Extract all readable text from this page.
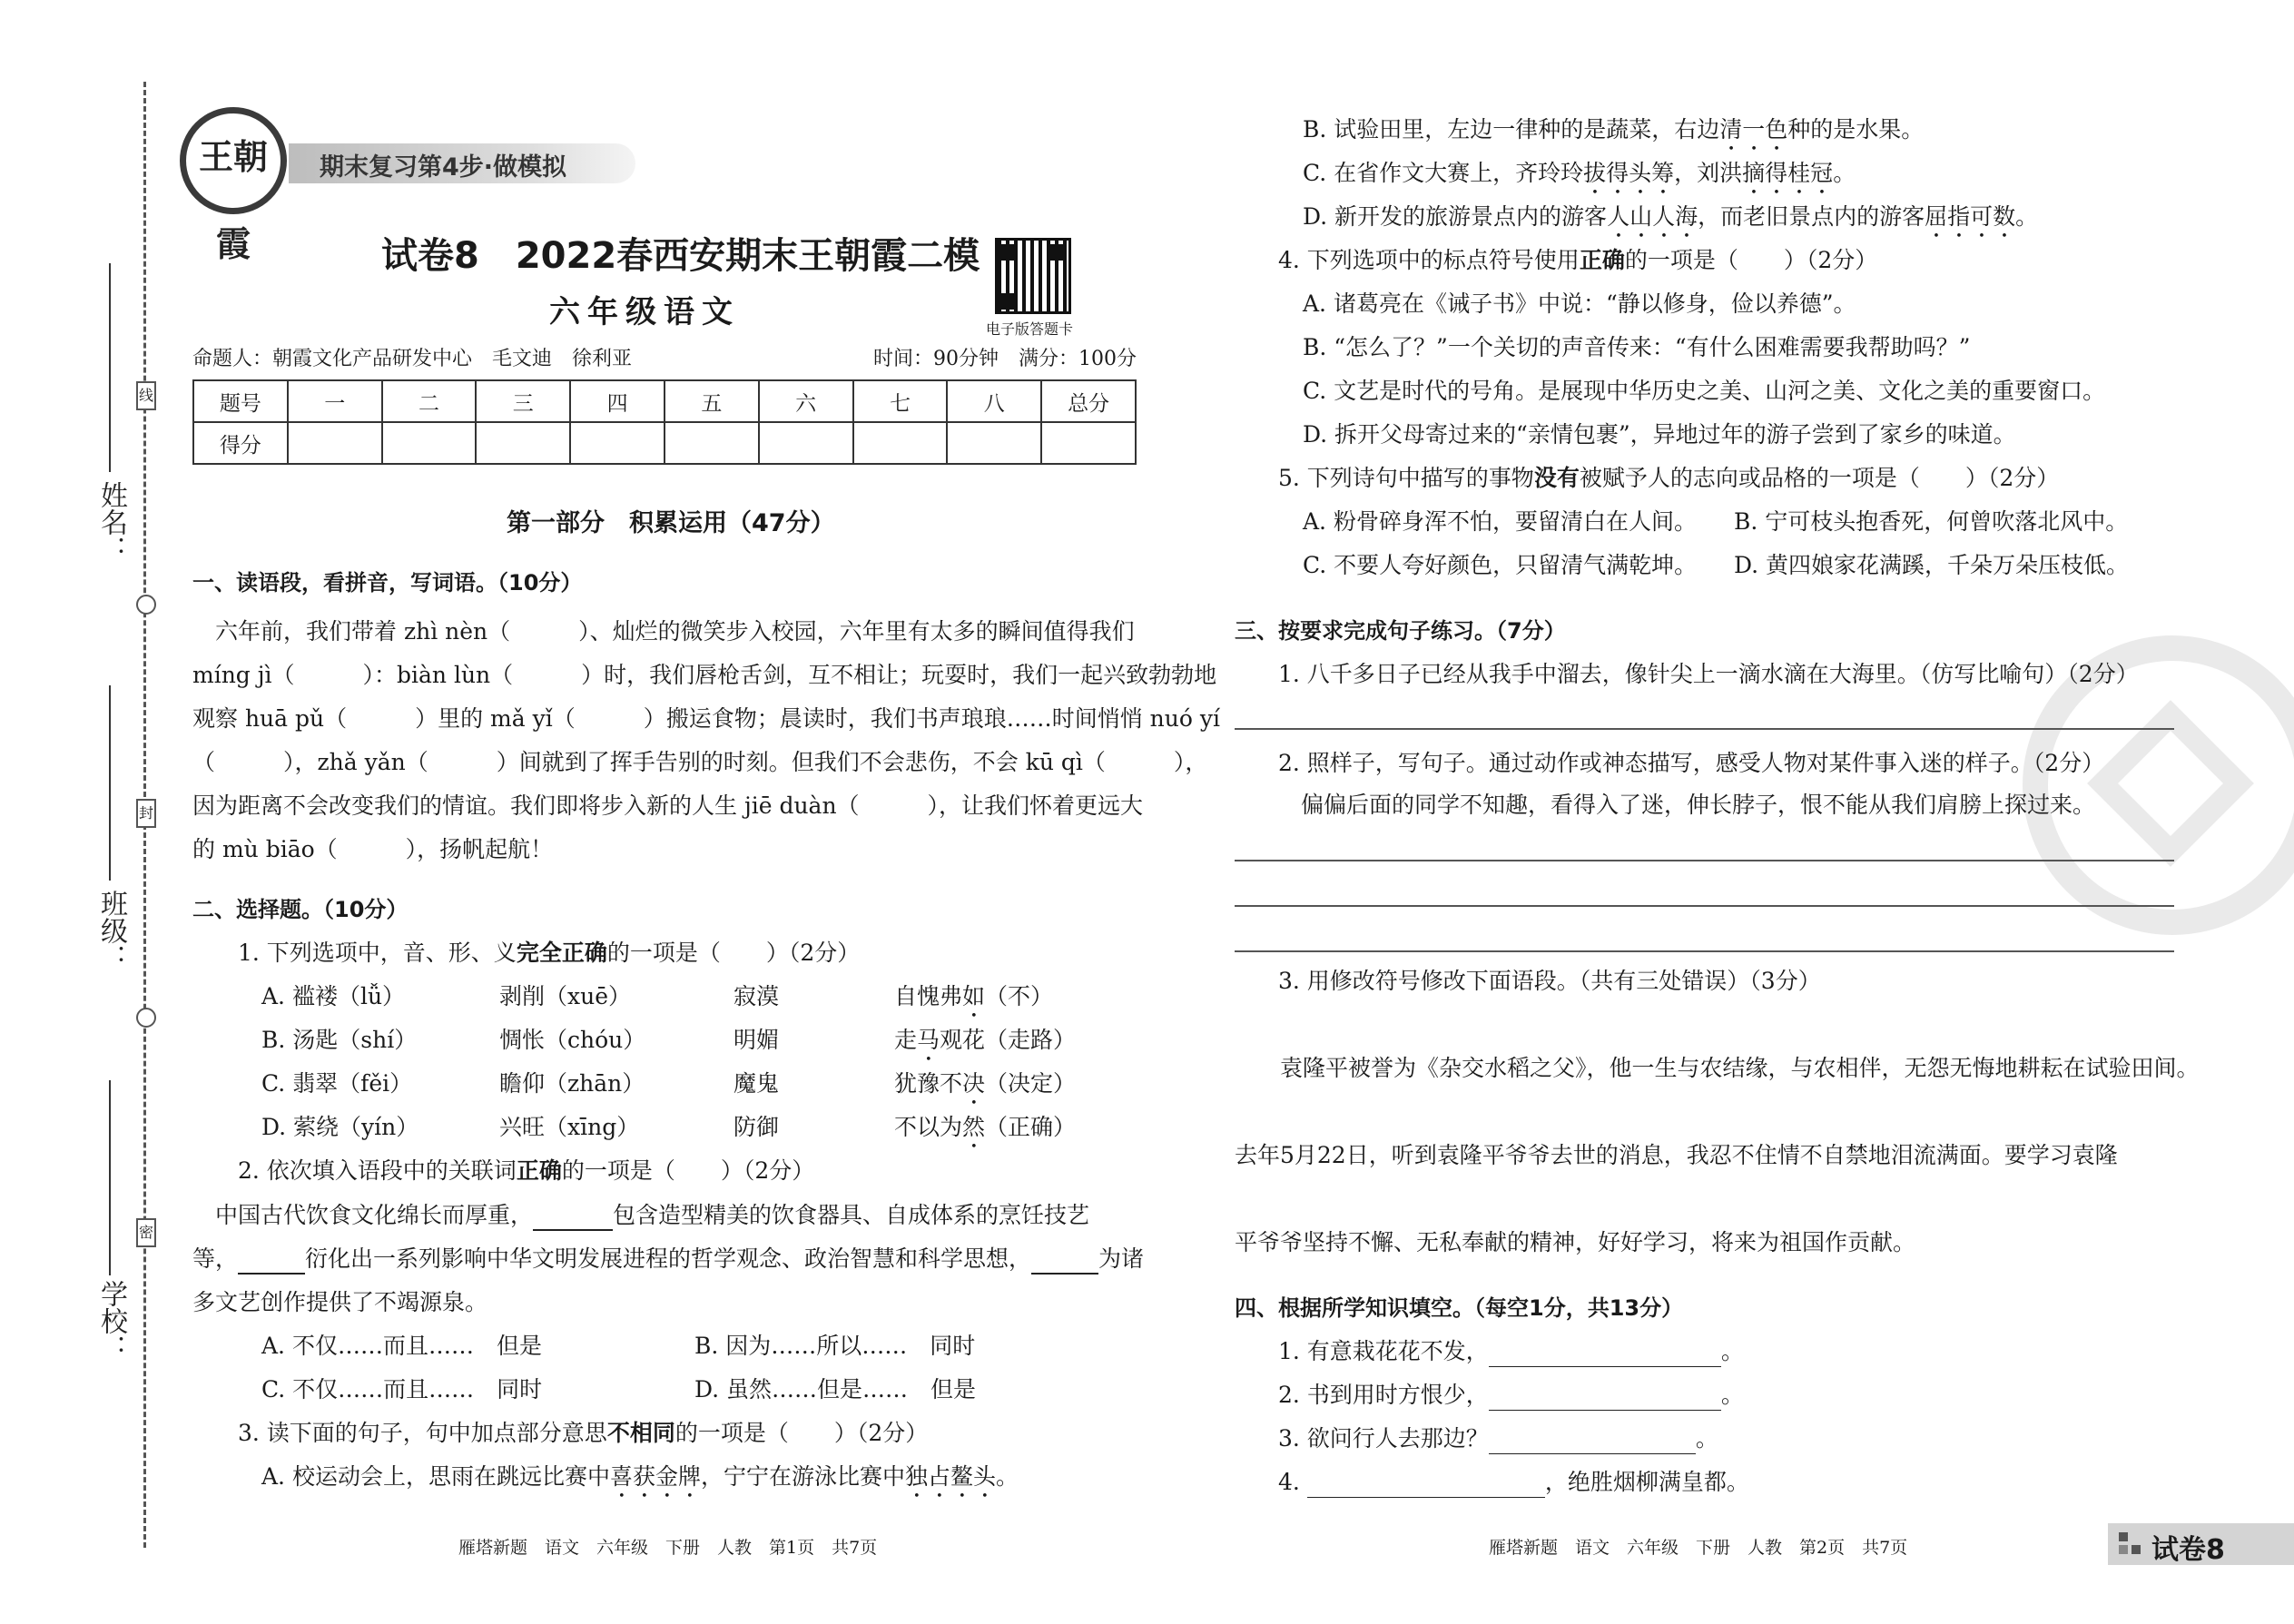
线
封
密
姓名：
班级：
学校：
王朝霞
期末复习第4步·做模拟
试卷8　2022春西安期末王朝霞二模
六年级语文	电子版答题卡
命题人：朝霞文化产品研发中心　毛文迪　徐利亚	时间：90分钟　满分：100分
题号	一	二	三	四	五	六	七	八	总分
得分									
第一部分　积累运用（47分）
一、读语段，看拼音，写词语。（10分）
　六年前，我们带着 zhì nèn（　　　）、灿烂的微笑步入校园，六年里有太多的瞬间值得我们
míng jì（　　　）：biàn lùn（　　　）时，我们唇枪舌剑，互不相让；玩耍时，我们一起兴致勃勃地
观察 huā pǔ（　　　）里的 mǎ yǐ（　　　）搬运食物；晨读时，我们书声琅琅……时间悄悄 nuó yí
（　　　），zhǎ yǎn（　　　）间就到了挥手告别的时刻。但我们不会悲伤，不会 kū qì（　　　），
因为距离不会改变我们的情谊。我们即将步入新的人生 jiē duàn（　　　），让我们怀着更远大
的 mù biāo（　　　），扬帆起航！
二、选择题。（10分）
1. 下列选项中，音、形、义完全正确的一项是（　　）（2分）
A. 褴褛（lǚ）	剥削（xuē）	寂漠	自愧弗如（不）
B. 汤匙（shí）	惆怅（chóu）	明媚	走马观花（走路）
C. 翡翠（fěi）	瞻仰（zhān）	魔鬼	犹豫不决（决定）
D. 萦绕（yín）	兴旺（xīng）	防御	不以为然（正确）
2. 依次填入语段中的关联词正确的一项是（　　）（2分）
　中国古代饮食文化绵长而厚重，	包含造型精美的饮食器具、自成体系的烹饪技艺
等，	衍化出一系列影响中华文明发展进程的哲学观念、政治智慧和科学思想，	为诸
多文艺创作提供了不竭源泉。
A. 不仅……而且……　但是	B. 因为……所以……　同时
C. 不仅……而且……　同时	D. 虽然……但是……　但是
3. 读下面的句子，句中加点部分意思不相同的一项是（　　）（2分）
A. 校运动会上，思雨在跳远比赛中喜获金牌，宁宁在游泳比赛中独占鳌头。
雁塔新题　语文　六年级　下册　人教　第1页　共7页
B. 试验田里，左边一律种的是蔬菜，右边清一色种的是水果。
C. 在省作文大赛上，齐玲玲拔得头筹，刘洪摘得桂冠。
D. 新开发的旅游景点内的游客人山人海，而老旧景点内的游客屈指可数。
4. 下列选项中的标点符号使用正确的一项是（　　）（2分）
A. 诸葛亮在《诫子书》中说：“静以修身，俭以养德”。
B. “怎么了？”一个关切的声音传来：“有什么困难需要我帮助吗？”
C. 文艺是时代的号角。是展现中华历史之美、山河之美、文化之美的重要窗口。
D. 拆开父母寄过来的“亲情包裹”，异地过年的游子尝到了家乡的味道。
5. 下列诗句中描写的事物没有被赋予人的志向或品格的一项是（　　）（2分）
A. 粉骨碎身浑不怕，要留清白在人间。 B. 宁可枝头抱香死，何曾吹落北风中。
C. 不要人夸好颜色，只留清气满乾坤。 D. 黄四娘家花满蹊，千朵万朵压枝低。
三、按要求完成句子练习。（7分）
1. 八千多日子已经从我手中溜去，像针尖上一滴水滴在大海里。（仿写比喻句）（2分）
2. 照样子，写句子。通过动作或神态描写，感受人物对某件事入迷的样子。（2分）
　偏偏后面的同学不知趣，看得入了迷，伸长脖子，恨不能从我们肩膀上探过来。
3. 用修改符号修改下面语段。（共有三处错误）（3分）
　　袁隆平被誉为《杂交水稻之父》，他一生与农结缘，与农相伴，无怨无悔地耕耘在试验田间。
去年5月22日，听到袁隆平爷爷去世的消息，我忍不住情不自禁地泪流满面。要学习袁隆
平爷爷坚持不懈、无私奉献的精神，好好学习，将来为祖国作贡献。
四、根据所学知识填空。（每空1分，共13分）
1. 有意栽花花不发，	。
2. 书到用时方恨少，	。
3. 欲问行人去那边？	。
4.	，绝胜烟柳满皇都。
雁塔新题　语文　六年级　下册　人教　第2页　共7页	试卷8
